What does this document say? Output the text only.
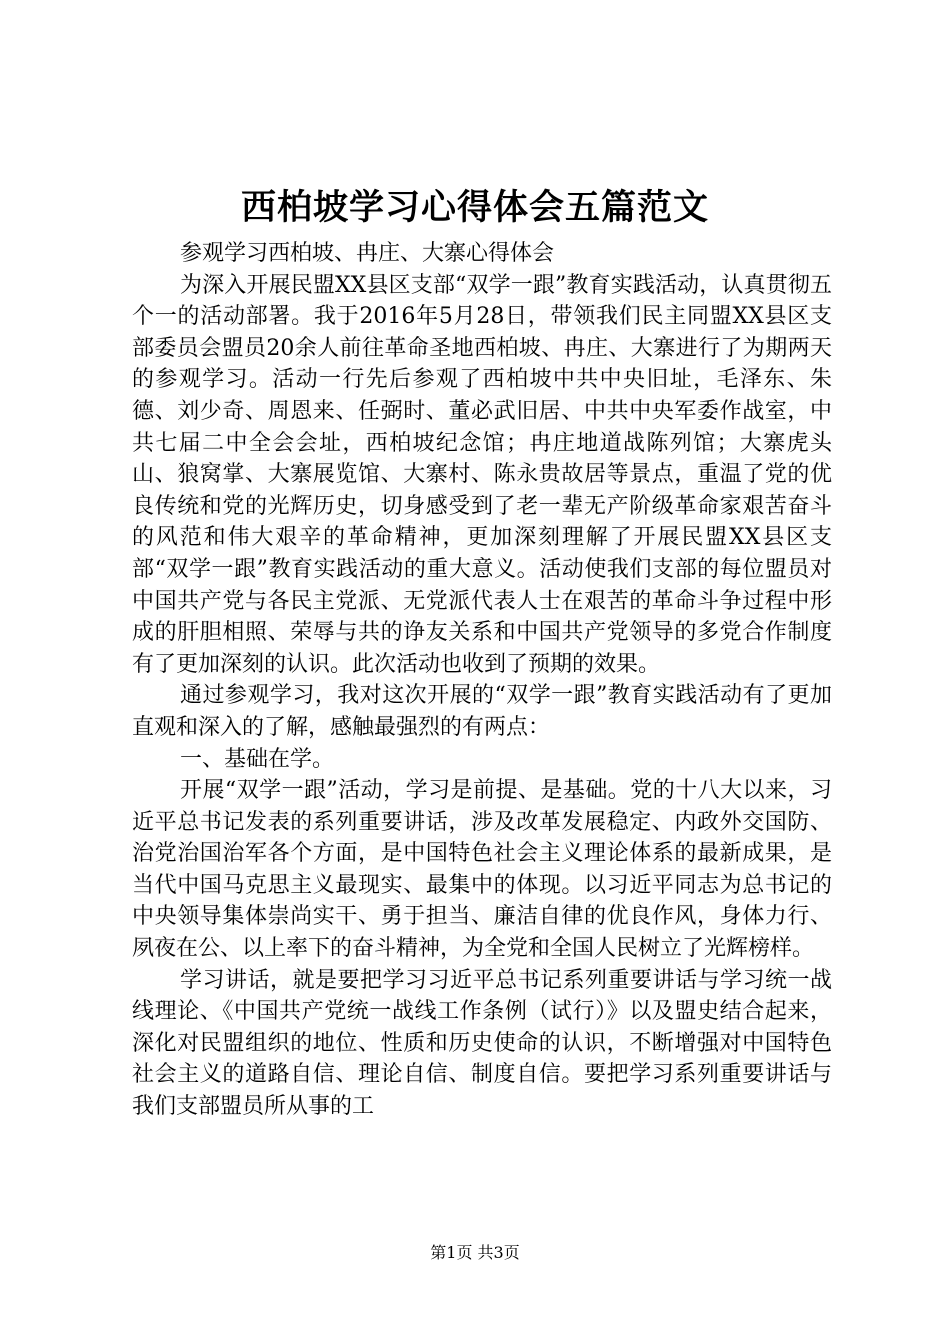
西柏坡学习心得体会五篇范文

参观学习西柏坡、冉庄、大寨心得体会

为深入开展民盟XX县区支部“双学一跟”教育实践活动，认真贯彻五个一的活动部署。我于2016年5月28日，带领我们民主同盟XX县区支部委员会盟员20余人前往革命圣地西柏坡、冉庄、大寨进行了为期两天的参观学习。活动一行先后参观了西柏坡中共中央旧址，毛泽东、朱德、刘少奇、周恩来、任弼时、董必武旧居、中共中央军委作战室，中共七届二中全会会址，西柏坡纪念馆；冉庄地道战陈列馆；大寨虎头山、狼窝掌、大寨展览馆、大寨村、陈永贵故居等景点，重温了党的优良传统和党的光辉历史，切身感受到了老一辈无产阶级革命家艰苦奋斗的风范和伟大艰辛的革命精神，更加深刻理解了开展民盟XX县区支部“双学一跟”教育实践活动的重大意义。活动使我们支部的每位盟员对中国共产党与各民主党派、无党派代表人士在艰苦的革命斗争过程中形成的肝胆相照、荣辱与共的诤友关系和中国共产党领导的多党合作制度有了更加深刻的认识。此次活动也收到了预期的效果。

通过参观学习，我对这次开展的“双学一跟”教育实践活动有了更加直观和深入的了解，感触最强烈的有两点：

一、基础在学。

开展“双学一跟”活动，学习是前提、是基础。党的十八大以来，习近平总书记发表的系列重要讲话，涉及改革发展稳定、内政外交国防、治党治国治军各个方面，是中国特色社会主义理论体系的最新成果，是当代中国马克思主义最现实、最集中的体现。以习近平同志为总书记的中央领导集体崇尚实干、勇于担当、廉洁自律的优良作风，身体力行、夙夜在公、以上率下的奋斗精神，为全党和全国人民树立了光辉榜样。

学习讲话，就是要把学习习近平总书记系列重要讲话与学习统一战线理论、《中国共产党统一战线工作条例（试行）》以及盟史结合起来，深化对民盟组织的地位、性质和历史使命的认识，不断增强对中国特色社会主义的道路自信、理论自信、制度自信。要把学习系列重要讲话与我们支部盟员所从事的工

第1页 共3页
